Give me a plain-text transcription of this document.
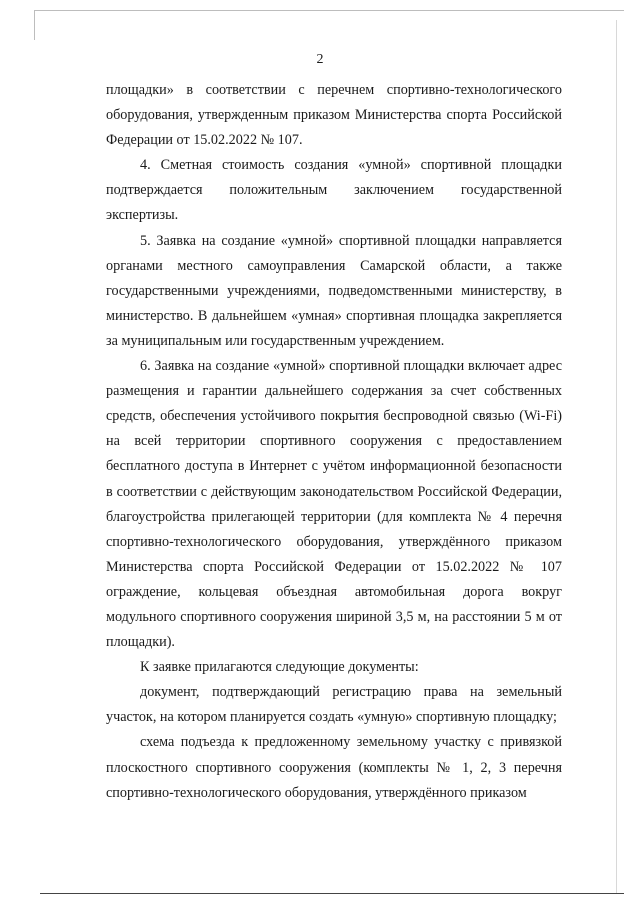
2

площадки» в соответствии с перечнем спортивно-технологического оборудования, утвержденным приказом Министерства спорта Российской Федерации от 15.02.2022 № 107.

4. Сметная стоимость создания «умной» спортивной площадки подтверждается положительным заключением государственной экспертизы.

5. Заявка на создание «умной» спортивной площадки направляется органами местного самоуправления Самарской области, а также государственными учреждениями, подведомственными министерству, в министерство. В дальнейшем «умная» спортивная площадка закрепляется за муниципальным или государственным учреждением.

6. Заявка на создание «умной» спортивной площадки включает адрес размещения и гарантии дальнейшего содержания за счет собственных средств, обеспечения устойчивого покрытия беспроводной связью (Wi-Fi) на всей территории спортивного сооружения с предоставлением бесплатного доступа в Интернет с учётом информационной безопасности в соответствии с действующим законодательством Российской Федерации, благоустройства прилегающей территории (для комплекта № 4 перечня спортивно-технологического оборудования, утверждённого приказом Министерства спорта Российской Федерации от 15.02.2022 № 107 ограждение, кольцевая объездная автомобильная дорога вокруг модульного спортивного сооружения шириной 3,5 м, на расстоянии 5 м от площадки).

К заявке прилагаются следующие документы:

документ, подтверждающий регистрацию права на земельный участок, на котором планируется создать «умную» спортивную площадку;

схема подъезда к предложенному земельному участку с привязкой плоскостного спортивного сооружения (комплекты № 1, 2, 3 перечня спортивно-технологического оборудования, утверждённого приказом
